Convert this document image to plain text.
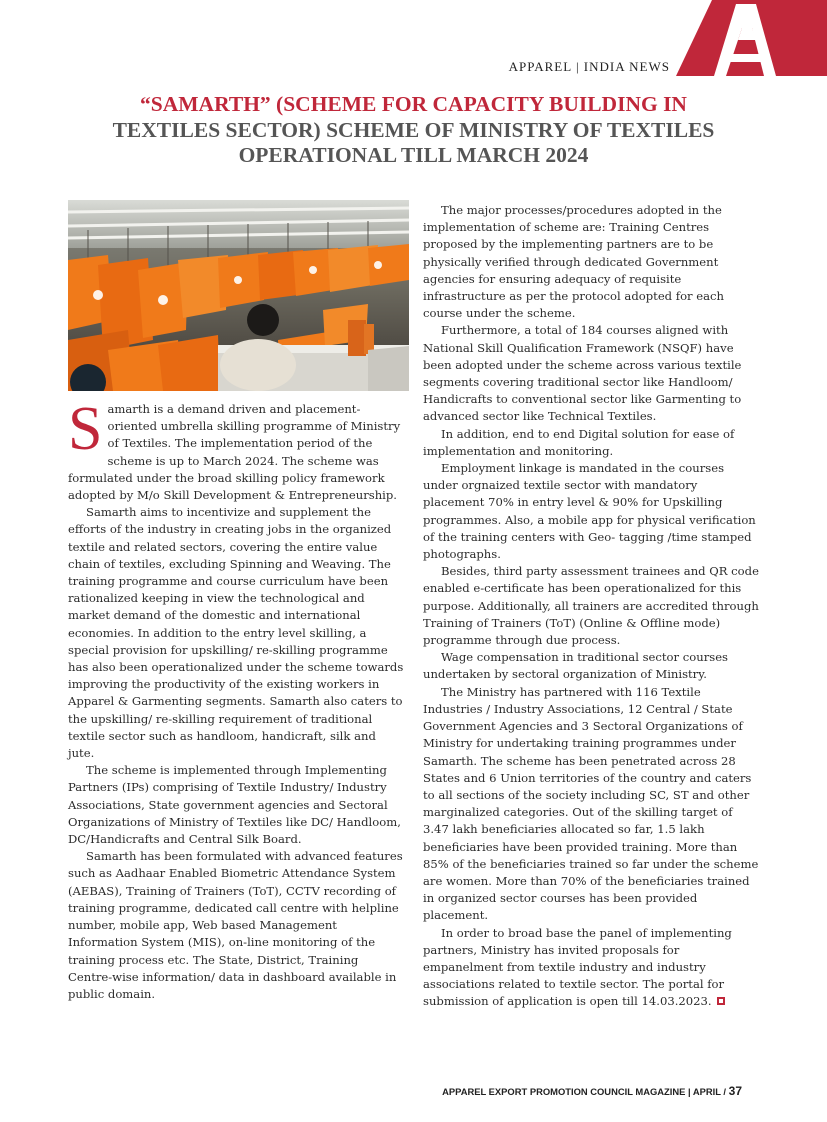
APPAREL | INDIA NEWS
“SAMARTH” (SCHEME FOR CAPACITY BUILDING IN
TEXTILES SECTOR) SCHEME OF MINISTRY OF TEXTILES
OPERATIONAL TILL MARCH 2024

Samarth is a demand driven and placement-oriented umbrella skilling programme of Ministry of Textiles. The implementation period of the scheme is up to March 2024. The scheme was formulated under the broad skilling policy framework adopted by M/o Skill Development & Entrepreneurship.

Samarth aims to incentivize and supplement the efforts of the industry in creating jobs in the organized textile and related sectors, covering the entire value chain of textiles, excluding Spinning and Weaving. The training programme and course curriculum have been rationalized keeping in view the technological and market demand of the domestic and international economies. In addition to the entry level skilling, a special provision for upskilling/ re-skilling programme has also been operationalized under the scheme towards improving the productivity of the existing workers in Apparel & Garmenting segments. Samarth also caters to the upskilling/ re-skilling requirement of traditional textile sector such as handloom, handicraft, silk and jute.

The scheme is implemented through Implementing Partners (IPs) comprising of Textile Industry/ Industry Associations, State government agencies and Sectoral Organizations of Ministry of Textiles like DC/ Handloom, DC/Handicrafts and Central Silk Board.

Samarth has been formulated with advanced features such as Aadhaar Enabled Biometric Attendance System (AEBAS), Training of Trainers (ToT), CCTV recording of training programme, dedicated call centre with helpline number, mobile app, Web based Management Information System (MIS), on-line monitoring of the training process etc. The State, District, Training Centre-wise information/ data in dashboard available in public domain.

The major processes/procedures adopted in the implementation of scheme are: Training Centres proposed by the implementing partners are to be physically verified through dedicated Government agencies for ensuring adequacy of requisite infrastructure as per the protocol adopted for each course under the scheme.

Furthermore, a total of 184 courses aligned with National Skill Qualification Framework (NSQF) have been adopted under the scheme across various textile segments covering traditional sector like Handloom/ Handicrafts to conventional sector like Garmenting to advanced sector like Technical Textiles.

In addition, end to end Digital solution for ease of implementation and monitoring.

Employment linkage is mandated in the courses under orgnaized textile sector with mandatory placement 70% in entry level & 90% for Upskilling programmes. Also, a mobile app for physical verification of the training centers with Geo- tagging /time stamped photographs.

Besides, third party assessment trainees and QR code enabled e-certificate has been operationalized for this purpose. Additionally, all trainers are accredited through Training of Trainers (ToT) (Online & Offline mode) programme through due process.

Wage compensation in traditional sector courses undertaken by sectoral organization of Ministry.

The Ministry has partnered with 116 Textile Industries / Industry Associations, 12 Central / State Government Agencies and 3 Sectoral Organizations of Ministry for undertaking training programmes under Samarth. The scheme has been penetrated across 28 States and 6 Union territories of the country and caters to all sections of the society including SC, ST and other marginalized categories. Out of the skilling target of 3.47 lakh beneficiaries allocated so far, 1.5 lakh beneficiaries have been provided training. More than 85% of the beneficiaries trained so far under the scheme are women. More than 70% of the beneficiaries trained in organized sector courses has been provided placement.

In order to broad base the panel of implementing partners, Ministry has invited proposals for empanelment from textile industry and industry associations related to textile sector. The portal for submission of application is open till 14.03.2023.

APPAREL EXPORT PROMOTION COUNCIL MAGAZINE | APRIL / 37
